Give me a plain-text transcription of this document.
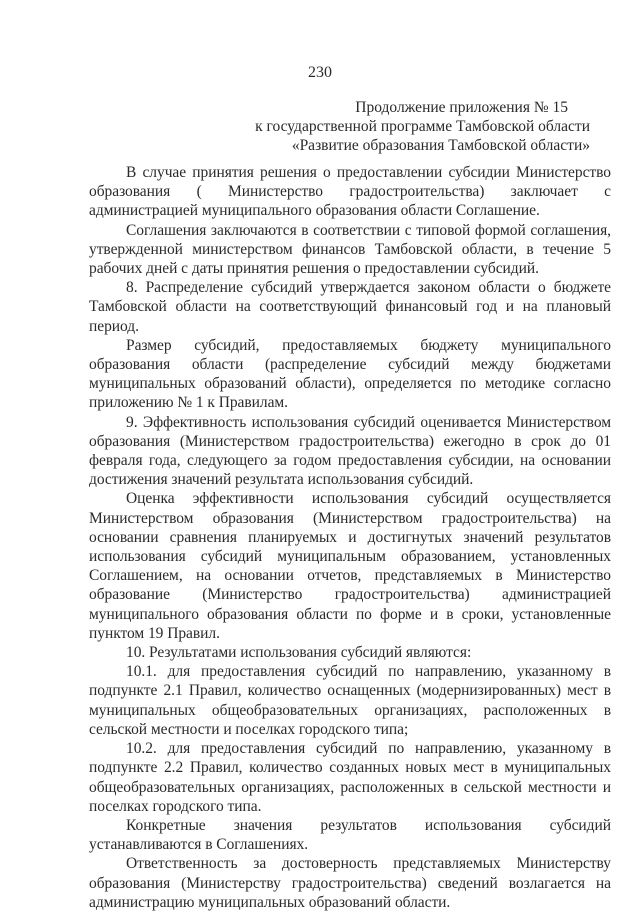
230
Продолжение приложения № 15
к государственной программе Тамбовской области
«Развитие образования Тамбовской области»

В случае принятия решения о предоставлении субсидии Министерство образования ( Министерство градостроительства) заключает с администрацией муниципального образования области Соглашение.

Соглашения заключаются в соответствии с типовой формой соглашения, утвержденной министерством финансов Тамбовской области, в течение 5 рабочих дней с даты принятия решения о предоставлении субсидий.

8. Распределение субсидий утверждается законом области о бюджете Тамбовской области на соответствующий финансовый год и на плановый период.

Размер субсидий, предоставляемых бюджету муниципального образования области (распределение субсидий между бюджетами муниципальных образований области), определяется по методике согласно приложению № 1 к Правилам.

9. Эффективность использования субсидий оценивается Министерством образования (Министерством градостроительства) ежегодно в срок до 01 февраля года, следующего за годом предоставления субсидии, на основании достижения значений результата использования субсидий.

Оценка эффективности использования субсидий осуществляется Министерством образования (Министерством градостроительства) на основании сравнения планируемых и достигнутых значений результатов использования субсидий муниципальным образованием, установленных Соглашением, на основании отчетов, представляемых в Министерство образование (Министерство градостроительства) администрацией муниципального образования области по форме и в сроки, установленные пунктом 19 Правил.

10. Результатами использования субсидий являются:

10.1. для предоставления субсидий по направлению, указанному в подпункте 2.1 Правил, количество оснащенных (модернизированных) мест в муниципальных общеобразовательных организациях, расположенных в сельской местности и поселках городского типа;

10.2. для предоставления субсидий по направлению, указанному в подпункте 2.2 Правил, количество созданных новых мест в муниципальных общеобразовательных организациях, расположенных в сельской местности и поселках городского типа.

Конкретные значения результатов использования субсидий устанавливаются в Соглашениях.

Ответственность за достоверность представляемых Министерству образования (Министерству градостроительства) сведений возлагается на администрацию муниципальных образований области.
